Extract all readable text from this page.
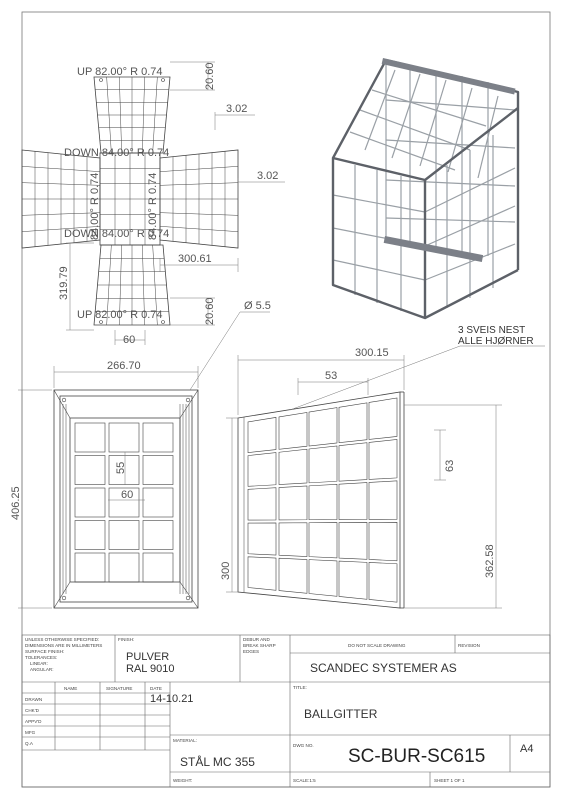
UP 82.00° R 0.74
DOWN 84.00° R 0.74
DOWN 84.00° R 0.74
UP 82.00° R 0.74
84.00° R 0.74	84.00° R 0.74
20.60
3.02
3.02
300.61
319.79
20.60
60
266.70
406.25
55
60
Ø 5.5
300.15
53
63
300	362.58
3 SVEIS NEST
ALLE HJØRNER
UNLESS OTHERWISE SPECIFIED:
DIMENSIONS ARE IN MILLIMETERS
SURFACE FINISH:
TOLERANCES:
LINEAR:
ANGULAR:
FINISH:
PULVER
RAL 9010
DEBUR AND
BREAK SHARP
EDGES
DO NOT SCALE DRAWING	REVISION
SCANDEC SYSTEMER AS
NAME	SIGNATURE	DATE
DRAWN
CHK'D
APPV'D
MFG
Q.A
14-10.21
TITLE:
BALLGITTER
MATERIAL:
STÅL MC 355
DWG NO.
SC-BUR-SC615	A4
WEIGHT:	SCALE:1:5	SHEET 1 OF 1
